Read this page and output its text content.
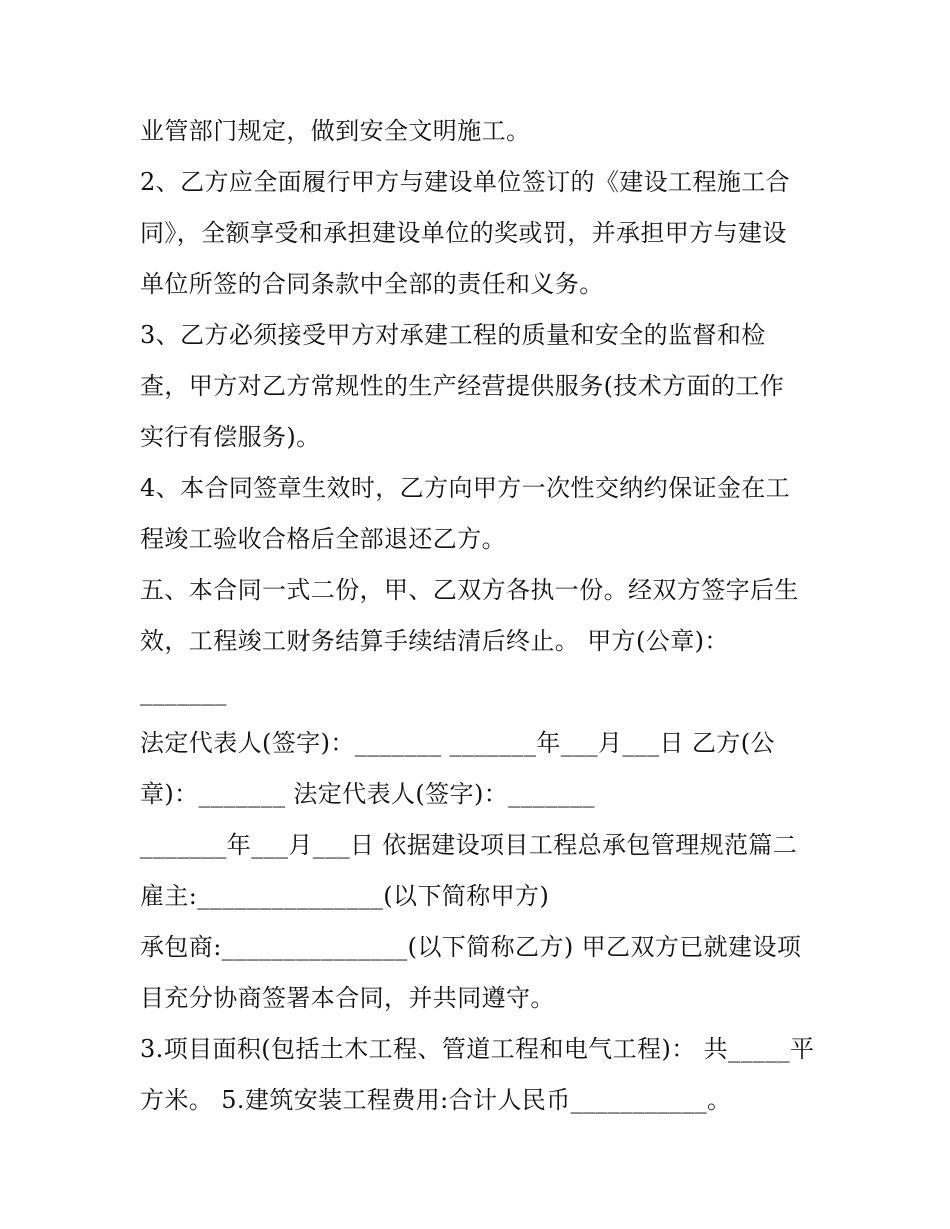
业管部门规定，做到安全文明施工。
2、乙方应全面履行甲方与建设单位签订的《建设工程施工合
同》，全额享受和承担建设单位的奖或罚，并承担甲方与建设
单位所签的合同条款中全部的责任和义务。
3、乙方必须接受甲方对承建工程的质量和安全的监督和检
查，甲方对乙方常规性的生产经营提供服务(技术方面的工作
实行有偿服务)。
4、本合同签章生效时，乙方向甲方一次性交纳约保证金在工
程竣工验收合格后全部退还乙方。
五、本合同一式二份，甲、乙双方各执一份。经双方签字后生
效，工程竣工财务结算手续结清后终止。 甲方(公章)：
_______
法定代表人(签字)：_______ _______年___月___日 乙方(公
章)：_______ 法定代表人(签字)：_______
_______年___月___日 依据建设项目工程总承包管理规范篇二
雇主:_______________(以下简称甲方)
承包商:_______________(以下简称乙方) 甲乙双方已就建设项
目充分协商签署本合同，并共同遵守。
3.项目面积(包括土木工程、管道工程和电气工程)： 共_____平
方米。 5.建筑安装工程费用:合计人民币___________。
